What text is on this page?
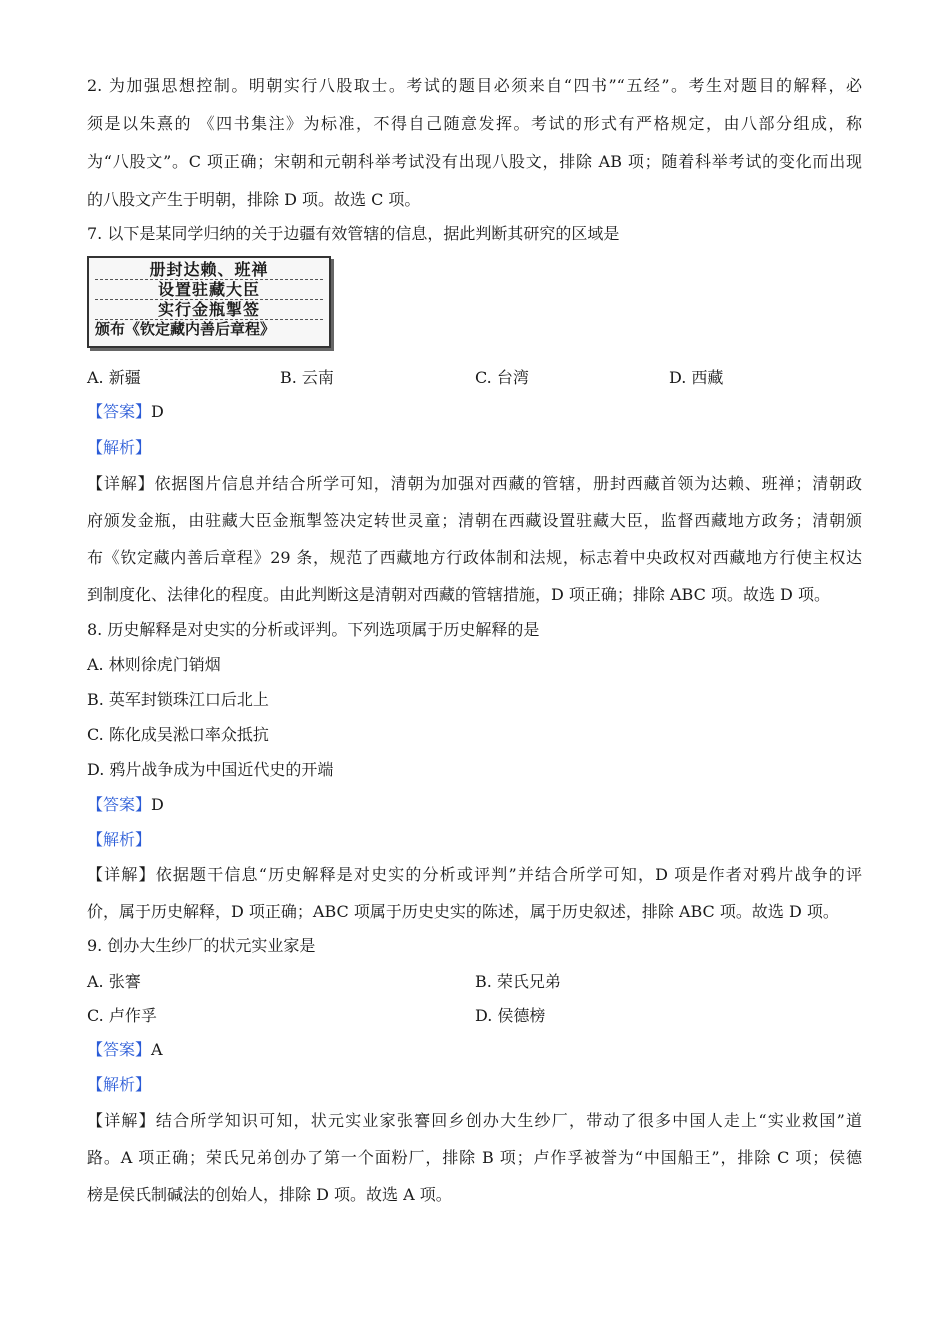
2. 为加强思想控制。明朝实行八股取士。考试的题目必须来自“四书”“五经”。考生对题目的解释，必
须是以朱熹的 《四书集注》为标准，不得自己随意发挥。考试的形式有严格规定，由八部分组成，称
为“八股文”。C 项正确；宋朝和元朝科举考试没有出现八股文，排除 AB 项；随着科举考试的变化而出现
的八股文产生于明朝，排除 D 项。故选 C 项。
7. 以下是某同学归纳的关于边疆有效管辖的信息，据此判断其研究的区域是
册封达赖、班禅
设置驻藏大臣
实行金瓶掣签
颁布《钦定藏内善后章程》
A. 新疆	B. 云南	C. 台湾	D. 西藏
【答案】D
【解析】
【详解】依据图片信息并结合所学可知，清朝为加强对西藏的管辖，册封西藏首领为达赖、班禅；清朝政
府颁发金瓶，由驻藏大臣金瓶掣签决定转世灵童；清朝在西藏设置驻藏大臣，监督西藏地方政务；清朝颁
布《钦定藏内善后章程》29 条，规范了西藏地方行政体制和法规，标志着中央政权对西藏地方行使主权达
到制度化、法律化的程度。由此判断这是清朝对西藏的管辖措施，D 项正确；排除 ABC 项。故选 D 项。
8. 历史解释是对史实的分析或评判。下列选项属于历史解释的是
A. 林则徐虎门销烟
B. 英军封锁珠江口后北上
C. 陈化成吴淞口率众抵抗
D. 鸦片战争成为中国近代史的开端
【答案】D
【解析】
【详解】依据题干信息“历史解释是对史实的分析或评判”并结合所学可知，D 项是作者对鸦片战争的评
价，属于历史解释，D 项正确；ABC 项属于历史史实的陈述，属于历史叙述，排除 ABC 项。故选 D 项。
9. 创办大生纱厂的状元实业家是
A. 张謇	B. 荣氏兄弟
C. 卢作孚	D. 侯德榜
【答案】A
【解析】
【详解】结合所学知识可知，状元实业家张謇回乡创办大生纱厂，带动了很多中国人走上“实业救国”道
路。A 项正确；荣氏兄弟创办了第一个面粉厂，排除 B 项；卢作孚被誉为“中国船王”，排除 C 项；侯德
榜是侯氏制碱法的创始人，排除 D 项。故选 A 项。
